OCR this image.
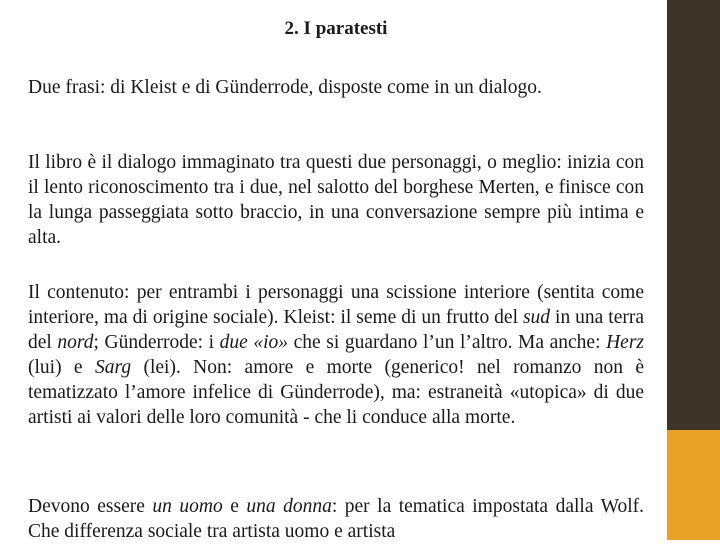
2. I paratesti

Due frasi: di Kleist e di Günderrode, disposte come in un dialogo.

Il libro è il dialogo immaginato tra questi due personaggi, o meglio: inizia con il lento riconoscimento tra i due, nel salotto del borghese Merten, e finisce con la lunga passeggiata sotto braccio, in una conversazione sempre più intima e alta.

Il contenuto: per entrambi i personaggi una scissione interiore (sentita come interiore, ma di origine sociale). Kleist: il seme di un frutto del sud in una terra del nord; Günderrode: i due «io» che si guardano l’un l’altro. Ma anche: Herz (lui) e Sarg (lei). Non: amore e morte (generico! nel romanzo non è tematizzato l’amore infelice di Günderrode), ma: estraneità «utopica» di due artisti ai valori delle loro comunità - che li conduce alla morte.

Devono essere un uomo e una donna: per la tematica impostata dalla Wolf. Che differenza sociale tra artista uomo e artista
